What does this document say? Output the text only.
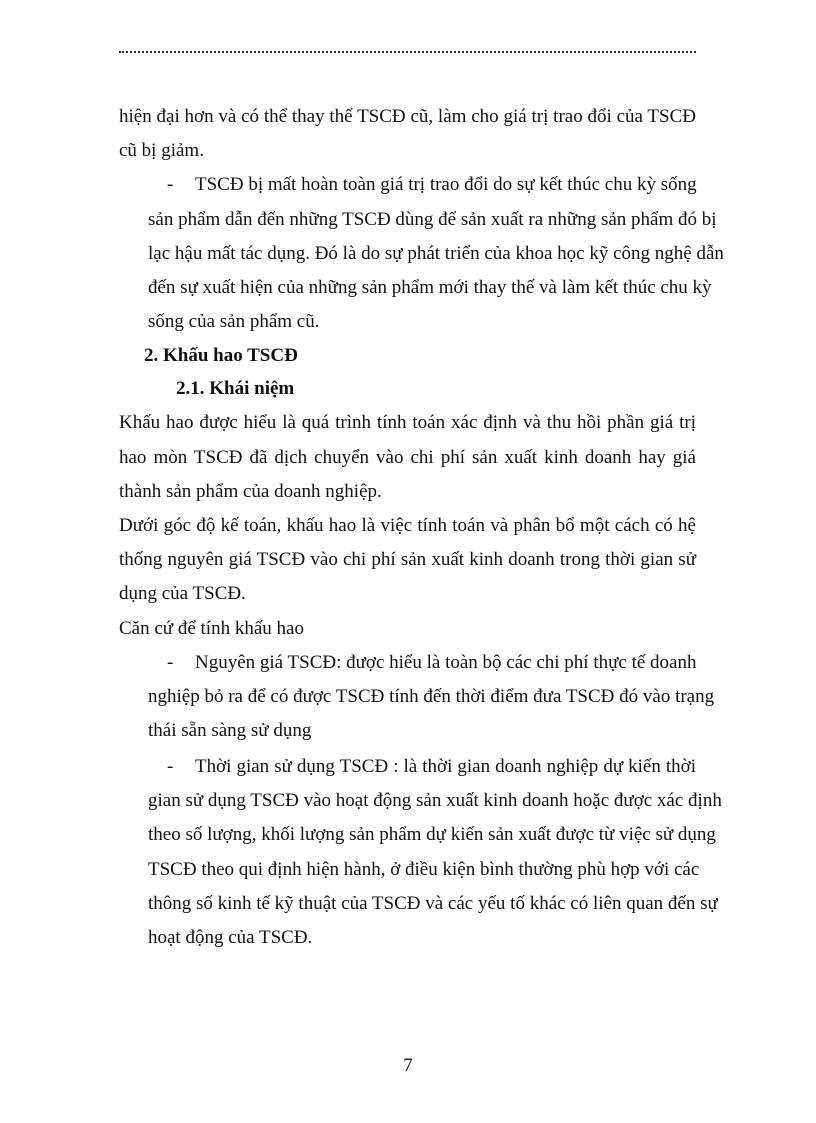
hiện đại hơn và có thể thay thế TSCĐ cũ, làm cho giá trị trao đổi của TSCĐ
cũ bị giảm.
- TSCĐ bị mất hoàn toàn giá trị trao đổi do sự kết thúc chu kỳ sống
sản phẩm dẫn đến những TSCĐ dùng để sản xuất ra những sản phẩm đó bị
lạc hậu mất tác dụng. Đó là do sự phát triển của khoa học kỹ công nghệ dẫn
đến sự xuất hiện của những sản phẩm mới thay thế và làm kết thúc chu kỳ
sống của sản phẩm cũ.
2. Khấu hao TSCĐ
2.1. Khái niệm
Khấu hao được hiểu là quá trình tính toán xác định và thu hồi phần giá trị
hao mòn TSCĐ đã dịch chuyển vào chi phí sản xuất kinh doanh hay giá
thành sản phẩm của doanh nghiệp.
Dưới góc độ kế toán, khấu hao là việc tính toán và phân bổ một cách có hệ
thống nguyên giá TSCĐ vào chi phí sản xuất kinh doanh trong thời gian sử
dụng của TSCĐ.
Căn cứ để tính khấu hao
- Nguyên giá TSCĐ: được hiểu là toàn bộ các chi phí thực tế doanh
nghiệp bỏ ra để có được TSCĐ tính đến thời điểm đưa TSCĐ đó vào trạng
thái sẵn sàng sử dụng
- Thời gian sử dụng TSCĐ : là thời gian doanh nghiệp dự kiến thời
gian sử dụng TSCĐ vào hoạt động sản xuất kinh doanh hoặc được xác định
theo số lượng, khối lượng sản phẩm dự kiến sản xuất được từ việc sử dụng
TSCĐ theo qui định hiện hành, ở điều kiện bình thường phù hợp với các
thông số kinh tế kỹ thuật của TSCĐ và các yếu tố khác có liên quan đến sự
hoạt động của TSCĐ.
7
